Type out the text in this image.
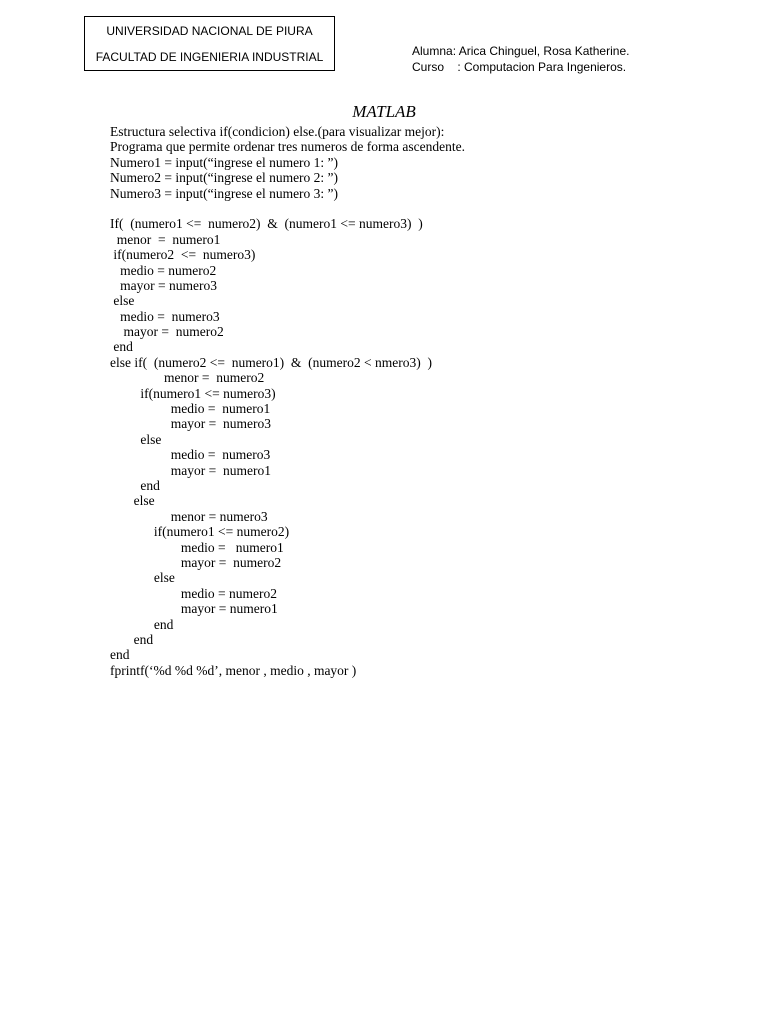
UNIVERSIDAD NACIONAL DE PIURA
FACULTAD DE INGENIERIA INDUSTRIAL	Alumna: Arica Chinguel, Rosa Katherine.
Curso    : Computacion Para Ingenieros.
MATLAB
Estructura selectiva if(condicion) else.(para visualizar mejor):
Programa que permite ordenar tres numeros de forma ascendente.
Numero1 = input(“ingrese el numero 1: ”)
Numero2 = input(“ingrese el numero 2: ”)
Numero3 = input(“ingrese el numero 3: ”)
If(  (numero1 <=  numero2)  &  (numero1 <= numero3)  )
menor  =  numero1
if(numero2  <=  numero3)
medio = numero2
mayor = numero3
else
medio =  numero3
mayor =  numero2
end
else if(  (numero2 <=  numero1)  &  (numero2 < nmero3)  )
menor =  numero2
if(numero1 <= numero3)
medio =  numero1
mayor =  numero3
else
medio =  numero3
mayor =  numero1
end
else
menor = numero3
if(numero1 <= numero2)
medio =   numero1
mayor =  numero2
else
medio = numero2
mayor = numero1
end
end
end
fprintf(‘%d %d %d’, menor , medio , mayor )
